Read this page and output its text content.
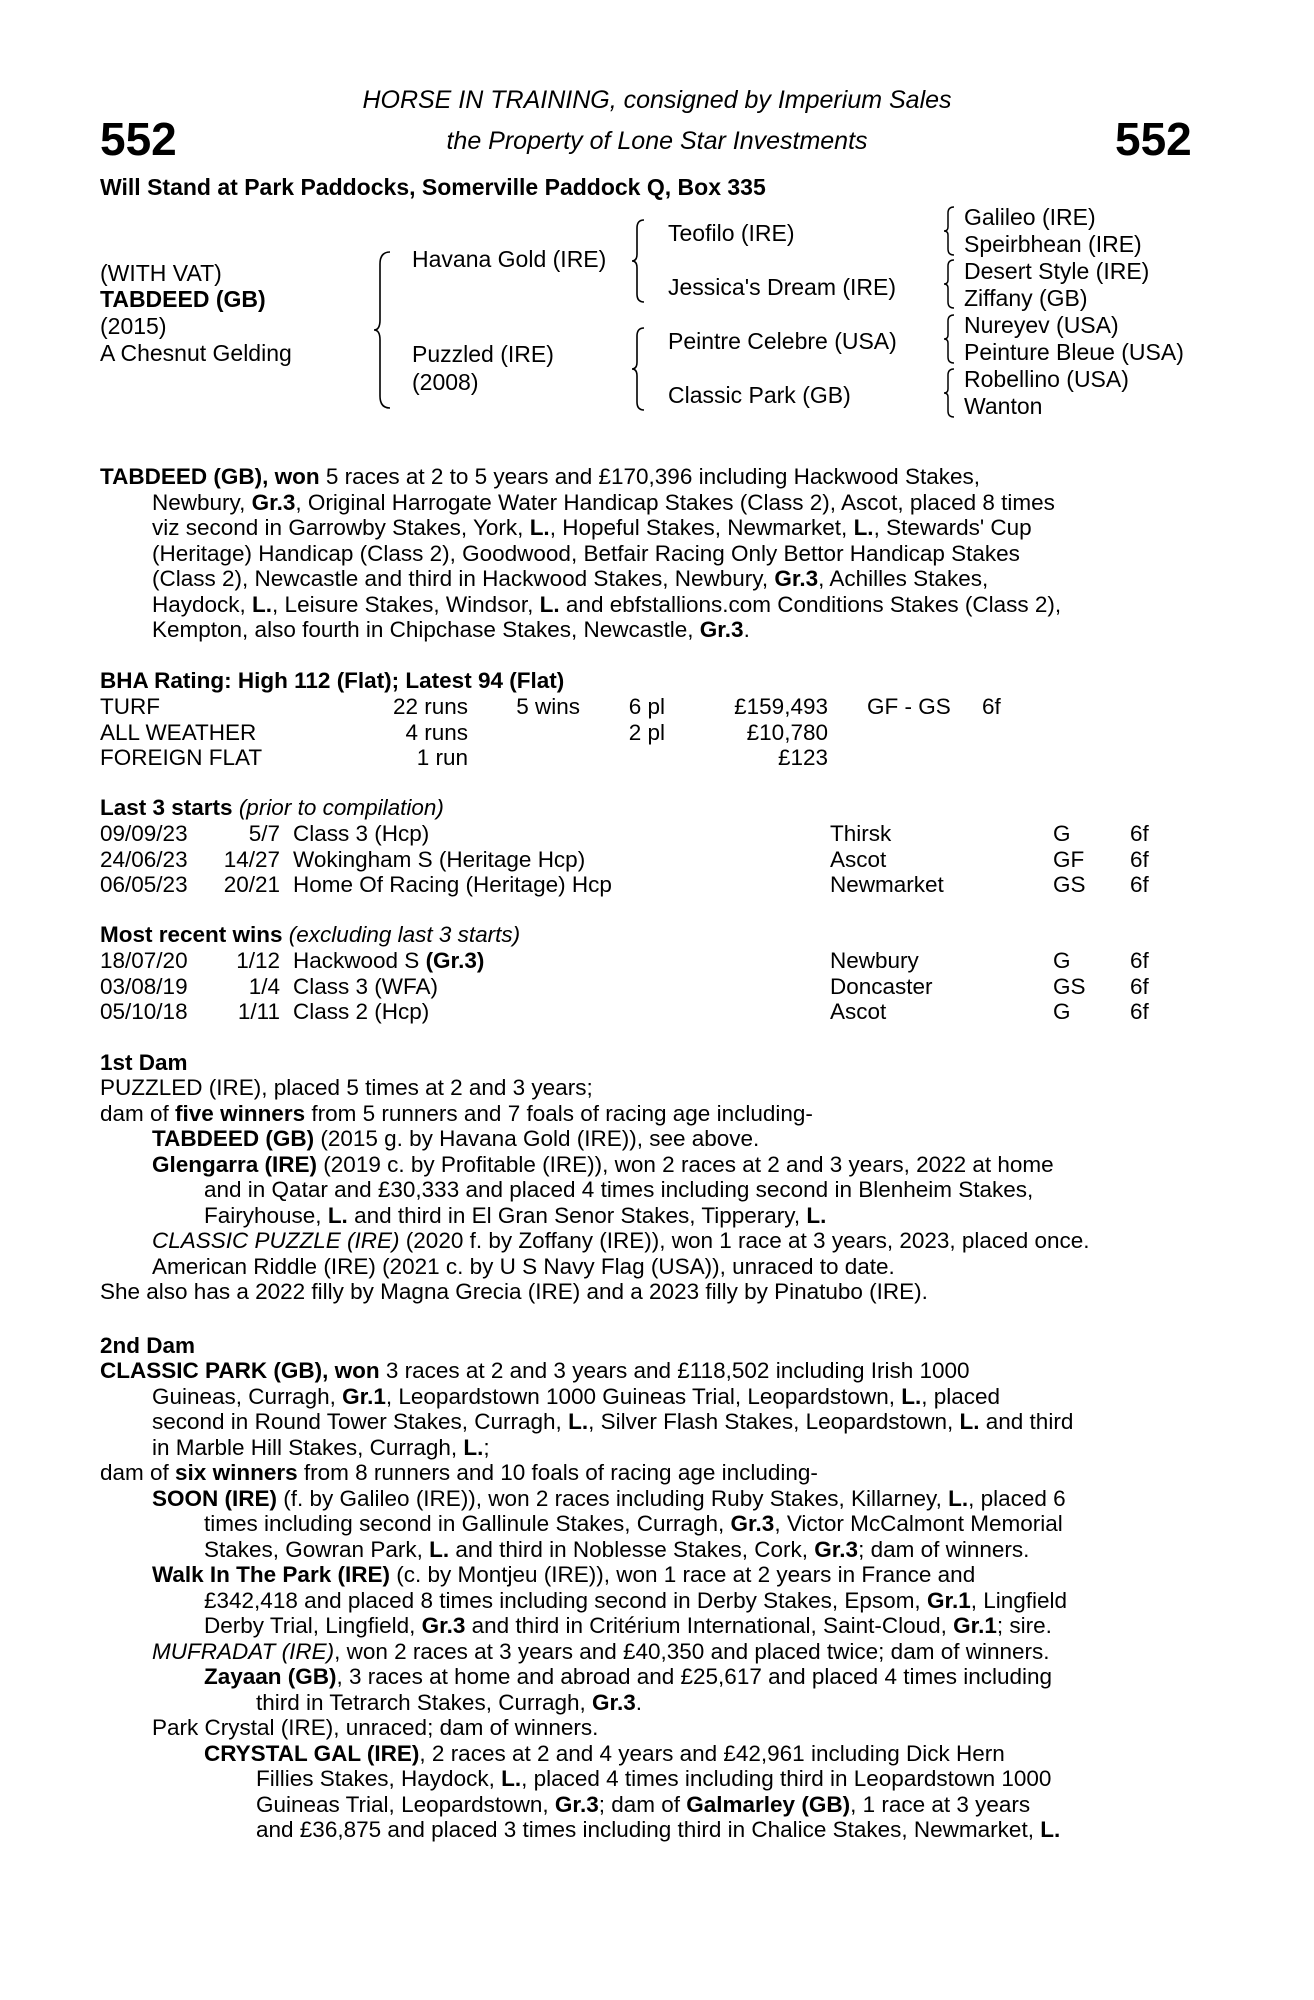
552	552
HORSE IN TRAINING, consigned by Imperium Sales
the Property of Lone Star Investments
Will Stand at Park Paddocks, Somerville Paddock Q, Box 335
(WITH VAT)
TABDEED (GB)
(2015)
A Chesnut Gelding
Havana Gold (IRE)
Puzzled (IRE)
(2008)
Teofilo (IRE)
Jessica's Dream (IRE)
Peintre Celebre (USA)
Classic Park (GB)
Galileo (IRE)
Speirbhean (IRE)
Desert Style (IRE)
Ziffany (GB)
Nureyev (USA)
Peinture Bleue (USA)
Robellino (USA)
Wanton
TABDEED (GB), won 5 races at 2 to 5 years and £170,396 including Hackwood Stakes,
Newbury, Gr.3, Original Harrogate Water Handicap Stakes (Class 2), Ascot, placed 8 times
viz second in Garrowby Stakes, York, L., Hopeful Stakes, Newmarket, L., Stewards' Cup
(Heritage) Handicap (Class 2), Goodwood, Betfair Racing Only Bettor Handicap Stakes
(Class 2), Newcastle and third in Hackwood Stakes, Newbury, Gr.3, Achilles Stakes,
Haydock, L., Leisure Stakes, Windsor, L. and ebfstallions.com Conditions Stakes (Class 2),
Kempton, also fourth in Chipchase Stakes, Newcastle, Gr.3.
BHA Rating: High 112 (Flat); Latest 94 (Flat)
TURF	22 runs	5 wins	6 pl	£159,493 GF - GS 6f
ALL WEATHER	4 runs	2 pl	£10,780
FOREIGN FLAT	1 run	£123
Last 3 starts (prior to compilation)
09/09/23	5/7 Class 3 (Hcp)	Thirsk	G	6f
24/06/23	14/27 Wokingham S (Heritage Hcp)	Ascot	GF 6f
06/05/23	20/21 Home Of Racing (Heritage) Hcp	Newmarket	GS 6f
Most recent wins (excluding last 3 starts)
18/07/20	1/12 Hackwood S (Gr.3)	Newbury	G	6f
03/08/19	1/4 Class 3 (WFA)	Doncaster	GS 6f
05/10/18	1/11 Class 2 (Hcp)	Ascot	G	6f
1st Dam
PUZZLED (IRE), placed 5 times at 2 and 3 years;
dam of five winners from 5 runners and 7 foals of racing age including-
TABDEED (GB) (2015 g. by Havana Gold (IRE)), see above.
Glengarra (IRE) (2019 c. by Profitable (IRE)), won 2 races at 2 and 3 years, 2022 at home
and in Qatar and £30,333 and placed 4 times including second in Blenheim Stakes,
Fairyhouse, L. and third in El Gran Senor Stakes, Tipperary, L.
CLASSIC PUZZLE (IRE) (2020 f. by Zoffany (IRE)), won 1 race at 3 years, 2023, placed once.
American Riddle (IRE) (2021 c. by U S Navy Flag (USA)), unraced to date.
She also has a 2022 filly by Magna Grecia (IRE) and a 2023 filly by Pinatubo (IRE).
2nd Dam
CLASSIC PARK (GB), won 3 races at 2 and 3 years and £118,502 including Irish 1000
Guineas, Curragh, Gr.1, Leopardstown 1000 Guineas Trial, Leopardstown, L., placed
second in Round Tower Stakes, Curragh, L., Silver Flash Stakes, Leopardstown, L. and third
in Marble Hill Stakes, Curragh, L.;
dam of six winners from 8 runners and 10 foals of racing age including-
SOON (IRE) (f. by Galileo (IRE)), won 2 races including Ruby Stakes, Killarney, L., placed 6
times including second in Gallinule Stakes, Curragh, Gr.3, Victor McCalmont Memorial
Stakes, Gowran Park, L. and third in Noblesse Stakes, Cork, Gr.3; dam of winners.
Walk In The Park (IRE) (c. by Montjeu (IRE)), won 1 race at 2 years in France and
£342,418 and placed 8 times including second in Derby Stakes, Epsom, Gr.1, Lingfield
Derby Trial, Lingfield, Gr.3 and third in Critérium International, Saint-Cloud, Gr.1; sire.
MUFRADAT (IRE), won 2 races at 3 years and £40,350 and placed twice; dam of winners.
Zayaan (GB), 3 races at home and abroad and £25,617 and placed 4 times including
third in Tetrarch Stakes, Curragh, Gr.3.
Park Crystal (IRE), unraced; dam of winners.
CRYSTAL GAL (IRE), 2 races at 2 and 4 years and £42,961 including Dick Hern
Fillies Stakes, Haydock, L., placed 4 times including third in Leopardstown 1000
Guineas Trial, Leopardstown, Gr.3; dam of Galmarley (GB), 1 race at 3 years
and £36,875 and placed 3 times including third in Chalice Stakes, Newmarket, L.
